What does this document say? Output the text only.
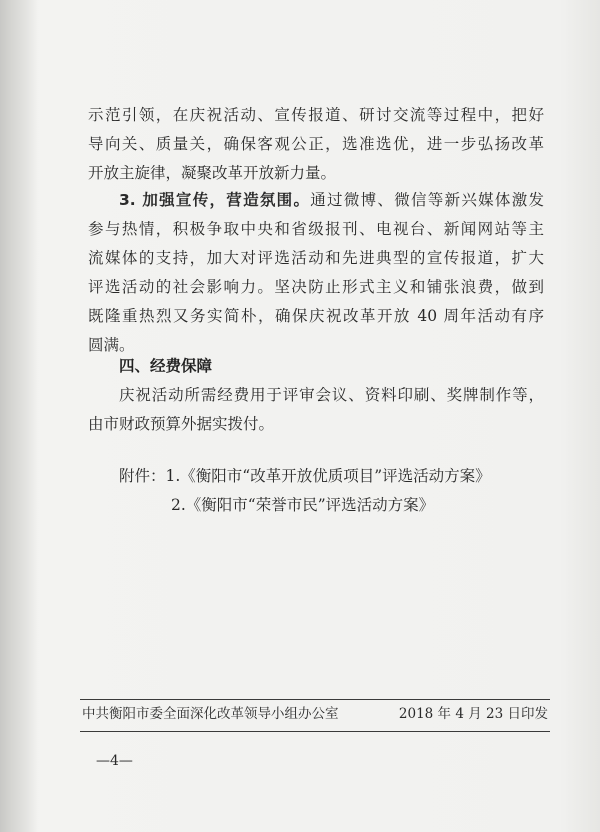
示范引领，在庆祝活动、宣传报道、研讨交流等过程中，把好
导向关、质量关，确保客观公正，选准选优，进一步弘扬改革
开放主旋律，凝聚改革开放新力量。

3. 加强宣传，营造氛围。通过微博、微信等新兴媒体激发
参与热情，积极争取中央和省级报刊、电视台、新闻网站等主
流媒体的支持，加大对评选活动和先进典型的宣传报道，扩大
评选活动的社会影响力。坚决防止形式主义和铺张浪费，做到
既隆重热烈又务实简朴，确保庆祝改革开放 40 周年活动有序
圆满。

四、经费保障

庆祝活动所需经费用于评审会议、资料印刷、奖牌制作等，
由市财政预算外据实拨付。

附件：1.《衡阳市“改革开放优质项目”评选活动方案》

2.《衡阳市“荣誉市民”评选活动方案》

中共衡阳市委全面深化改革领导小组办公室	2018 年 4 月 23 日印发
—4—
